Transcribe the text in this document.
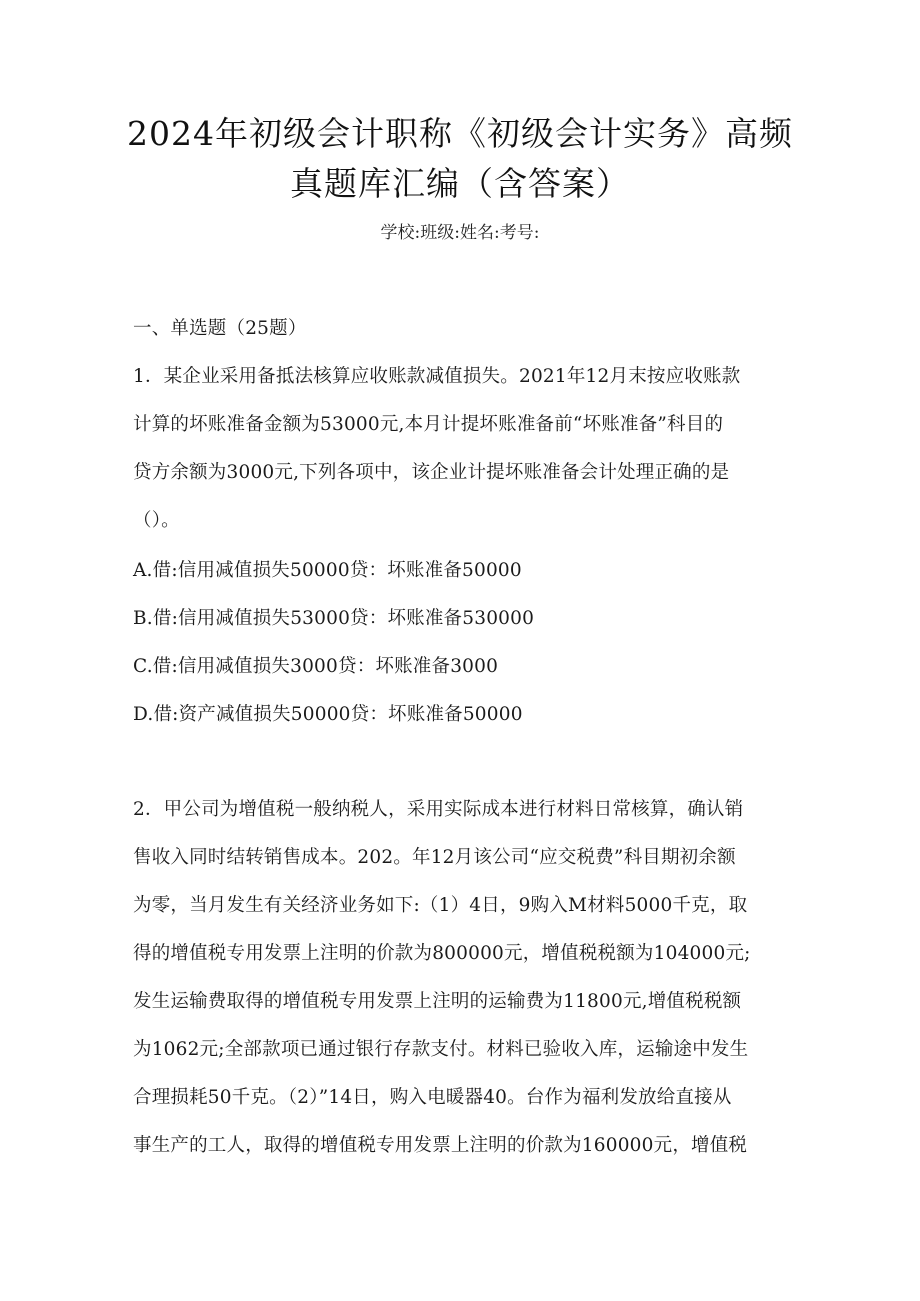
2024年初级会计职称《初级会计实务》高频
真题库汇编（含答案）
学校:班级:姓名:考号:
一、单选题（25题）
1．某企业采用备抵法核算应收账款减值损失。2021年12月末按应收账款
计算的坏账准备金额为53000元,本月计提坏账准备前“坏账准备”科目的
贷方余额为3000元,下列各项中，该企业计提坏账准备会计处理正确的是
（）。
A.借:信用减值损失50000贷：坏账准备50000
B.借:信用减值损失53000贷：坏账准备530000
C.借:信用减值损失3000贷：坏账准备3000
D.借:资产减值损失50000贷：坏账准备50000
2．甲公司为增值税一般纳税人，采用实际成本进行材料日常核算，确认销
售收入同时结转销售成本。202。年12月该公司“应交税费”科目期初余额
为零，当月发生有关经济业务如下:（1）4日，9购入M材料5000千克，取
得的增值税专用发票上注明的价款为800000元，增值税税额为104000元;
发生运输费取得的增值税专用发票上注明的运输费为11800元,增值税税额
为1062元;全部款项已通过银行存款支付。材料已验收入库，运输途中发生
合理损耗50千克。（2）”14日，购入电暖器40。台作为福利发放给直接从
事生产的工人，取得的增值税专用发票上注明的价款为160000元，增值税
